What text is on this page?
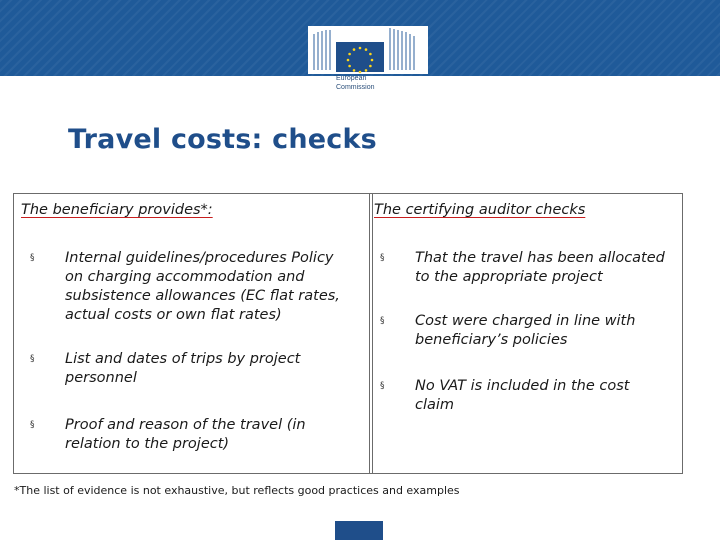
European
Commission
Travel costs: checks

The beneficiary provides*:	The certifying auditor checks

§ Internal guidelines/procedures Policy
on charging accommodation and
subsistence allowances (EC flat rates,
actual costs or own flat rates)
§ List and dates of trips by project
personnel
§ Proof and reason of the travel (in
relation to the project)
§ That the travel has been allocated
to the appropriate project
§ Cost were charged in line with
beneficiary’s policies
§ No VAT is included in the cost
claim

*The list of evidence is not exhaustive, but reflects good practices and examples
